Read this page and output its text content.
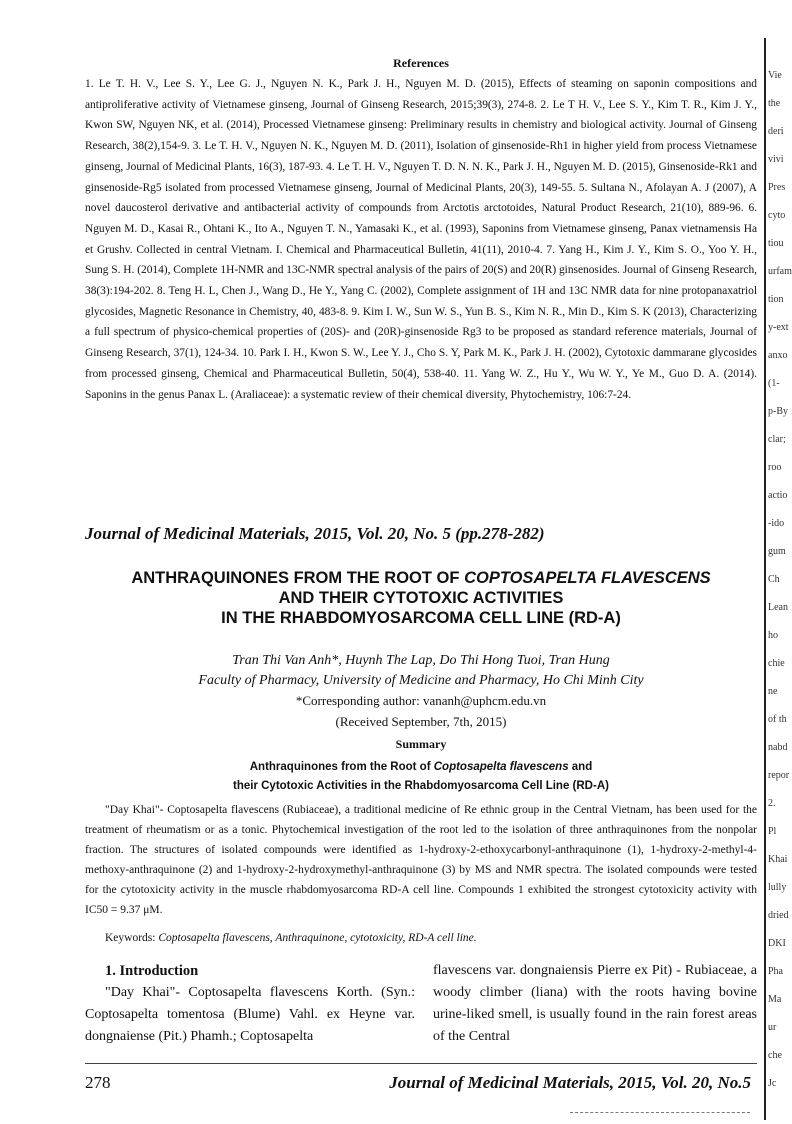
References
1. Le T. H. V., Lee S. Y., Lee G. J., Nguyen N. K., Park J. H., Nguyen M. D. (2015), Effects of steaming on saponin compositions and antiproliferative activity of Vietnamese ginseng, Journal of Ginseng Research, 2015;39(3), 274-8. 2. Le T H. V., Lee S. Y., Kim T. R., Kim J. Y., Kwon SW, Nguyen NK, et al. (2014), Processed Vietnamese ginseng: Preliminary results in chemistry and biological activity. Journal of Ginseng Research, 38(2),154-9. 3. Le T. H. V., Nguyen N. K., Nguyen M. D. (2011), Isolation of ginsenoside-Rh1 in higher yield from process Vietnamese ginseng, Journal of Medicinal Plants, 16(3), 187-93. 4. Le T. H. V., Nguyen T. D. N. N. K., Park J. H., Nguyen M. D. (2015), Ginsenoside-Rk1 and ginsenoside-Rg5 isolated from processed Vietnamese ginseng, Journal of Medicinal Plants, 20(3), 149-55. 5. Sultana N., Afolayan A. J (2007), A novel daucosterol derivative and antibacterial activity of compounds from Arctotis arctotoides, Natural Product Research, 21(10), 889-96. 6. Nguyen M. D., Kasai R., Ohtani K., Ito A., Nguyen T. N., Yamasaki K., et al. (1993), Saponins from Vietnamese ginseng, Panax vietnamensis Ha et Grushv. Collected in central Vietnam. I. Chemical and Pharmaceutical Bulletin, 41(11), 2010-4. 7. Yang H., Kim J. Y., Kim S. O., Yoo Y. H., Sung S. H. (2014), Complete 1H-NMR and 13C-NMR spectral analysis of the pairs of 20(S) and 20(R) ginsenosides. Journal of Ginseng Research, 38(3):194-202. 8. Teng H. L, Chen J., Wang D., He Y., Yang C. (2002), Complete assignment of 1H and 13C NMR data for nine protopanaxatriol glycosides, Magnetic Resonance in Chemistry, 40, 483-8. 9. Kim I. W., Sun W. S., Yun B. S., Kim N. R., Min D., Kim S. K (2013), Characterizing a full spectrum of physico-chemical properties of (20S)- and (20R)-ginsenoside Rg3 to be proposed as standard reference materials, Journal of Ginseng Research, 37(1), 124-34. 10. Park I. H., Kwon S. W., Lee Y. J., Cho S. Y, Park M. K., Park J. H. (2002), Cytotoxic dammarane glycosides from processed ginseng, Chemical and Pharmaceutical Bulletin, 50(4), 538-40. 11. Yang W. Z., Hu Y., Wu W. Y., Ye M., Guo D. A. (2014). Saponins in the genus Panax L. (Araliaceae): a systematic review of their chemical diversity, Phytochemistry, 106:7-24.
Journal of Medicinal Materials, 2015, Vol. 20, No. 5 (pp.278-282)
ANTHRAQUINONES FROM THE ROOT OF COPTOSAPELTA FLAVESCENS
AND THEIR CYTOTOXIC ACTIVITIES
IN THE RHABDOMYOSARCOMA CELL LINE (RD-A)
Tran Thi Van Anh*, Huynh The Lap, Do Thi Hong Tuoi, Tran Hung
Faculty of Pharmacy, University of Medicine and Pharmacy, Ho Chi Minh City
*Corresponding author: vananh@uphcm.edu.vn
(Received September, 7th, 2015)
Summary
Anthraquinones from the Root of Coptosapelta flavescens and
their Cytotoxic Activities in the Rhabdomyosarcoma Cell Line (RD-A)
"Day Khai"- Coptosapelta flavescens (Rubiaceae), a traditional medicine of Re ethnic group in the Central Vietnam, has been used for the treatment of rheumatism or as a tonic. Phytochemical investigation of the root led to the isolation of three anthraquinones from the nonpolar fraction. The structures of isolated compounds were identified as 1-hydroxy-2-ethoxycarbonyl-anthraquinone (1), 1-hydroxy-2-methyl-4-methoxy-anthraquinone (2) and 1-hydroxy-2-hydroxymethyl-anthraquinone (3) by MS and NMR spectra. The isolated compounds were tested for the cytotoxicity activity in the muscle rhabdomyosarcoma RD-A cell line. Compounds 1 exhibited the strongest cytotoxicity activity with IC50 = 9.37 μM.
Keywords: Coptosapelta flavescens, Anthraquinone, cytotoxicity, RD-A cell line.
1. Introduction
"Day Khai"- Coptosapelta flavescens Korth. (Syn.: Coptosapelta tomentosa (Blume) Vahl. ex Heyne var. dongnaiense (Pit.) Phamh.; Coptosapelta
flavescens var. dongnaiensis Pierre ex Pit) - Rubiaceae, a woody climber (liana) with the roots having bovine urine-liked smell, is usually found in the rain forest areas of the Central
278	Journal of Medicinal Materials, 2015, Vol. 20, No.5
Vie
the
deri
vivi
Pres
cyto
tiou
urfam
tion
y-ext
anxo
(1-
p-By
clar;
roo
actio
-ido
gum
Ch
Lean
ho
chie
ne
of th
nabd
repor
2.
Pl
Khai
lully
dried
DKI
Pha
Ma
ur
che
Jc
